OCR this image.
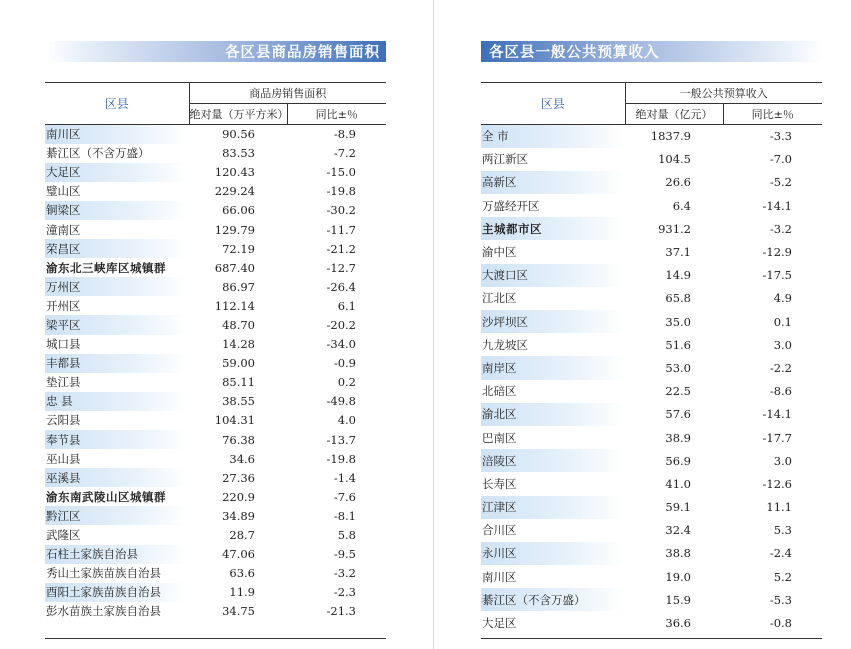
各区县商品房销售面积
区县	商品房销售面积	
	绝对量（万平方米）	同比±％
南川区	90.56	-8.9
綦江区（不含万盛）	83.53	-7.2
大足区	120.43	-15.0
璧山区	229.24	-19.8
铜梁区	66.06	-30.2
潼南区	129.79	-11.7
荣昌区	72.19	-21.2
渝东北三峡库区城镇群	687.40	-12.7
万州区	86.97	-26.4
开州区	112.14	6.1
梁平区	48.70	-20.2
城口县	14.28	-34.0
丰都县	59.00	-0.9
垫江县	85.11	0.2
忠 县	38.55	-49.8
云阳县	104.31	4.0
奉节县	76.38	-13.7
巫山县	34.6	-19.8
巫溪县	27.36	-1.4
渝东南武陵山区城镇群	220.9	-7.6
黔江区	34.89	-8.1
武隆区	28.7	5.8
石柱土家族自治县	47.06	-9.5
秀山土家族苗族自治县	63.6	-3.2
酉阳土家族苗族自治县	11.9	-2.3
彭水苗族土家族自治县	34.75	-21.3
各区县一般公共预算收入
区县	一般公共预算收入	
	绝对量（亿元）	同比±％
全 市	1837.9	-3.3
两江新区	104.5	-7.0
高新区	26.6	-5.2
万盛经开区	6.4	-14.1
主城都市区	931.2	-3.2
渝中区	37.1	-12.9
大渡口区	14.9	-17.5
江北区	65.8	4.9
沙坪坝区	35.0	0.1
九龙坡区	51.6	3.0
南岸区	53.0	-2.2
北碚区	22.5	-8.6
渝北区	57.6	-14.1
巴南区	38.9	-17.7
涪陵区	56.9	3.0
长寿区	41.0	-12.6
江津区	59.1	11.1
合川区	32.4	5.3
永川区	38.8	-2.4
南川区	19.0	5.2
綦江区（不含万盛）	15.9	-5.3
大足区	36.6	-0.8
